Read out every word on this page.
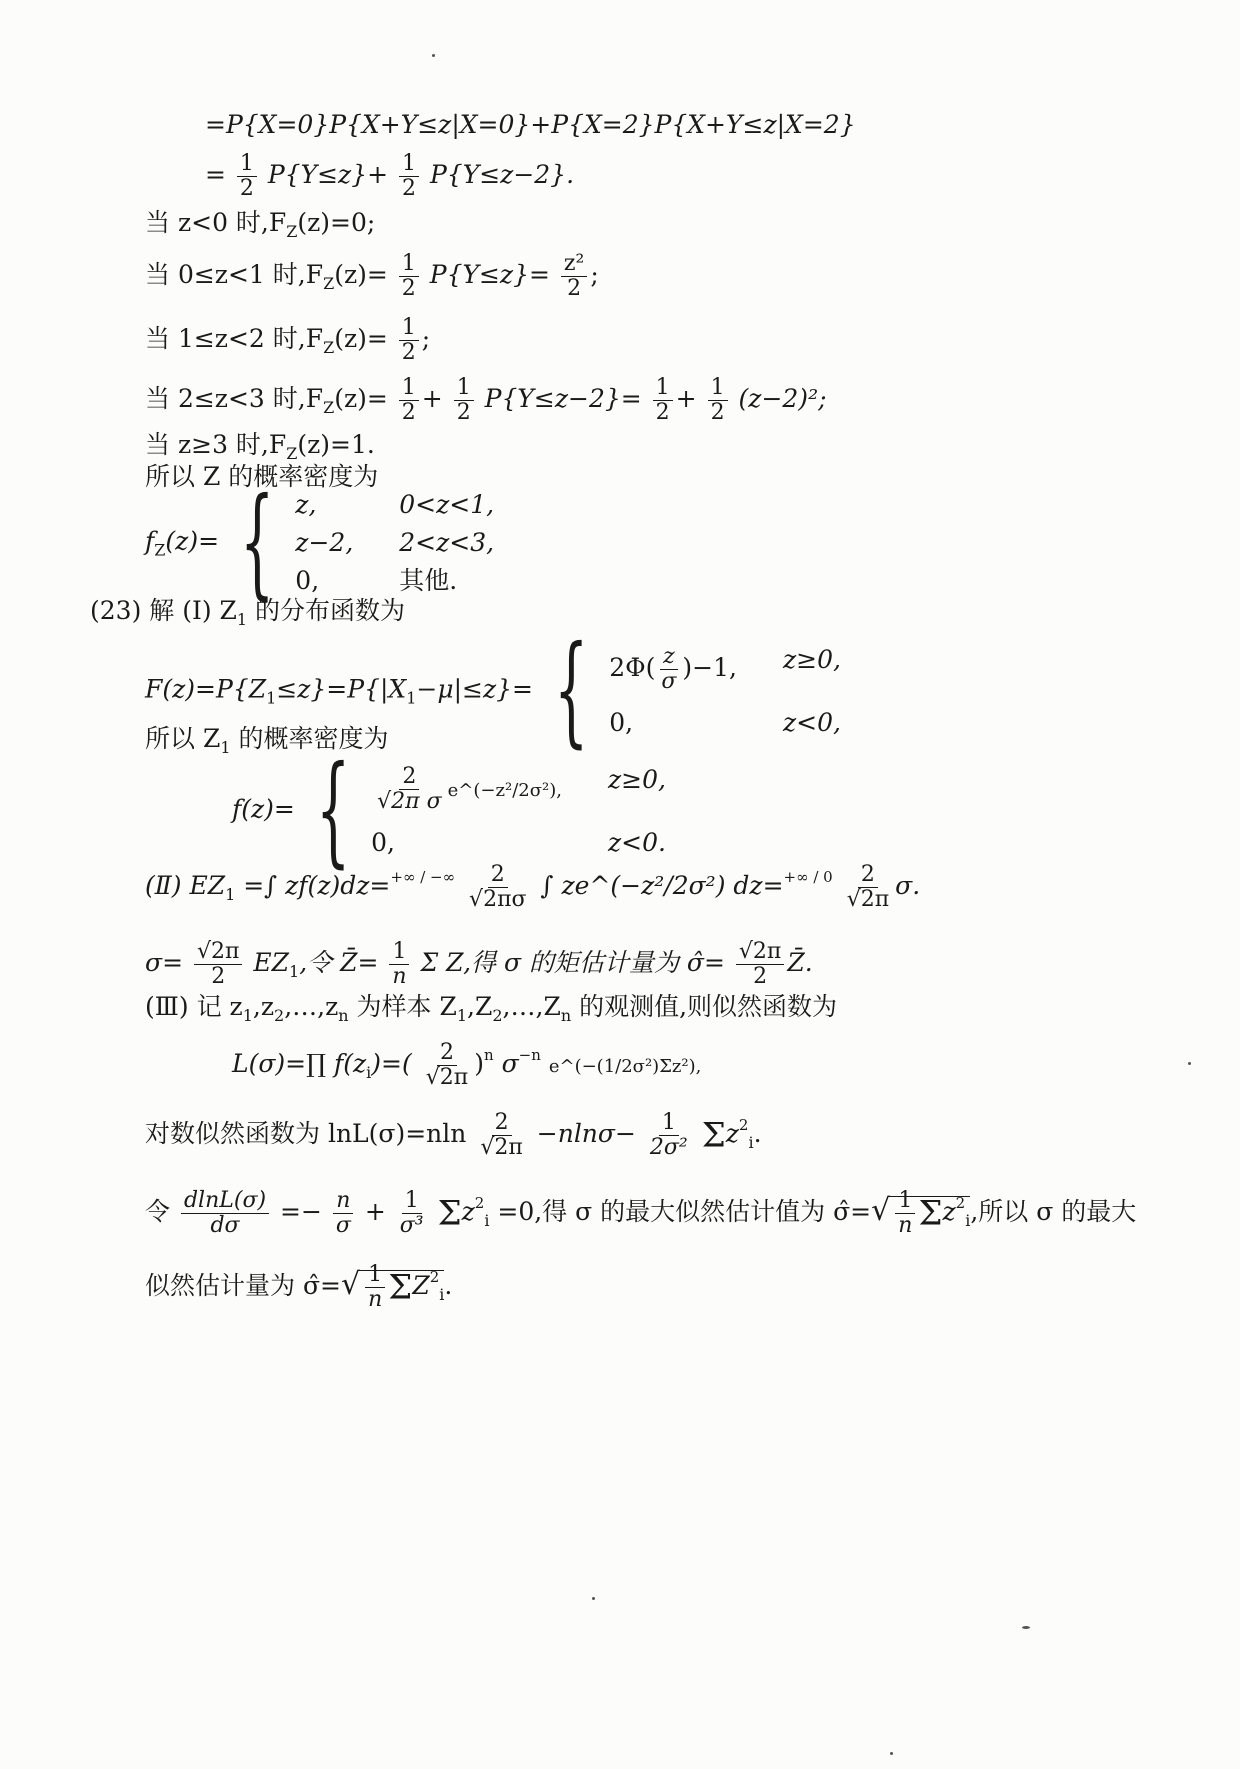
=P{X=0}P{X+Y≤z|X=0}+P{X=2}P{X+Y≤z|X=2}
= $\frac{1}{2} P\{Y\le z\}+ \frac{1}{2} P\{Y\le z-2\}$.
当 z<0 时$,F_Z(z)=0$;
当 0≤z<1 时$,F_Z(z)= \frac{1}{2} P\{Y\le z\}= \frac{\text{z²}}{2}$ ;
当 1≤z<2 时$,F_Z(z)= \frac{1}{2}$ ;
当 2≤z<3 时$,F_Z(z)= \frac{1}{2} + \frac{1}{2} P\{Y\le z-2\}= \frac{1}{2} + \frac{1}{2} (z-2)^2$;
当 z≥3 时$,F_Z(z)=1$.
所以 Z 的概率密度为
$f_Z(z)=$ { z,	0<z<1,
z−2, 2<z<3,
0,	其他.
(23) 解 (Ⅰ) $Z_1$ 的分布函数为
$F(z)=P\{Z_1\le z\}=P\{|X_1-\mu|\le z\}=$ { $2\Phi( \frac{z}{\sigma} )-1$, z≥0,
0,	z<0,
所以 $Z_1$ 的概率密度为
f(z)= { $\frac{2}{\text{√2π σ}}$ e^(−z²/2σ²), z≥0,
0,	z<0.
(Ⅱ) $EZ_1$ =∫ $zf(z)dz=^{+\infty / -\infty} \frac{2}{√2\pi\sigma}$ ∫ ze^(−z²/2σ²) $dz=^{+\infty / 0} \frac{2}{√2\pi} \sigma$.
$\sigma= \frac{√2\pi}{2} EZ_1$,令 Z̄= $\frac{1}{n}$ Σ Z,得 σ 的矩估计量为 σ̂= $\frac{√2\pi}{2}$ Z̄.
(Ⅲ) 记 $z_1,z_2,\dots,z_n$ 为样本 $Z_1,Z_2,\dots,Z_n$ 的观测值,则似然函数为
L(σ)=∏ $f(z_i)=( \frac{2}{√2\pi} )^n$ $\sigma^{-n}$ e^(−(1/2σ²)Σz²),
对数似然函数为 $\ln L(\sigma)=nln \frac{2}{√2\pi} -nln\sigma- \frac{1}{\text{2σ²}} \Sigma z^2_i$.
令 $\frac{dlnL(\sigma)}{d\sigma} =- \frac{n}{\sigma} + \frac{1}{\text{σ³}} \Sigma z^2_i =0$,得 σ 的最大似然估计值为 σ̂=√ $\frac{1}{n} \Sigma z^2_i$,所以 σ 的最大
似然估计量为 σ̂=√ $\frac{1}{n} \Sigma Z^2_i$.
